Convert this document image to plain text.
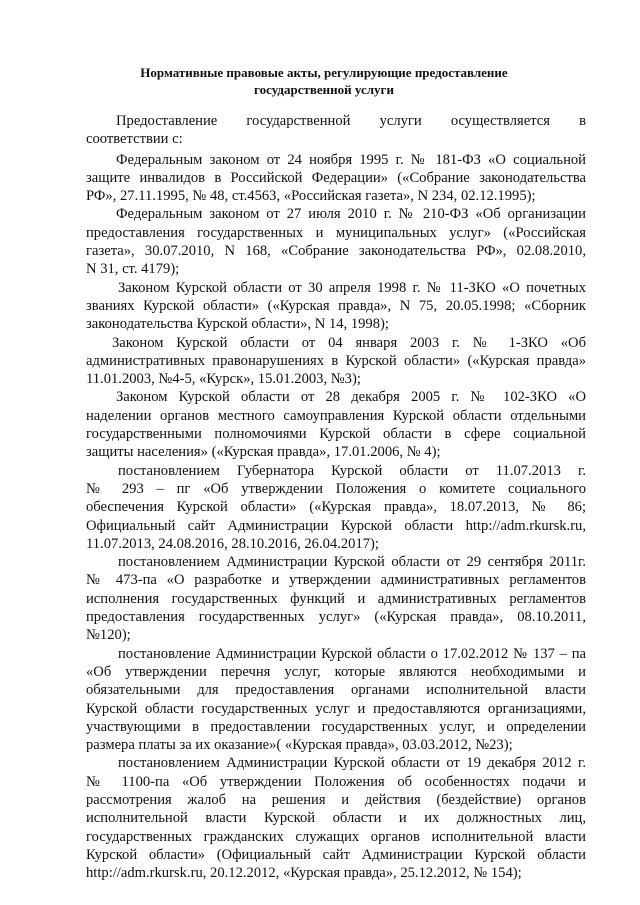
Нормативные правовые акты, регулирующие предоставление
государственной услуги
Предоставление государственной услуги осуществляется в
соответствии с:
Федеральным законом от 24 ноября 1995 г. № 181-ФЗ «О социальной
защите инвалидов в Российской Федерации» («Собрание законодательства
РФ», 27.11.1995, № 48, ст.4563, «Российская газета», N 234, 02.12.1995);
Федеральным законом от 27 июля 2010 г. № 210-ФЗ «Об организации
предоставления государственных и муниципальных услуг» («Российская
газета», 30.07.2010, N 168, «Собрание законодательства РФ», 02.08.2010,
N 31, ст. 4179);
Законом Курской области от 30 апреля 1998 г. № 11-ЗКО «О почетных
званиях Курской области» («Курская правда», N 75, 20.05.1998; «Сборник
законодательства Курской области», N 14, 1998);
Законом Курской области от 04 января 2003 г. № 1-ЗКО «Об
административных правонарушениях в Курской области» («Курская правда»
11.01.2003, №4-5, «Курск», 15.01.2003, №3);
Законом Курской области от 28 декабря 2005 г. № 102-ЗКО «О
наделении органов местного самоуправления Курской области отдельными
государственными полномочиями Курской области в сфере социальной
защиты населения» («Курская правда», 17.01.2006, № 4);
постановлением Губернатора Курской области от 11.07.2013 г.
№ 293 – пг «Об утверждении Положения о комитете социального
обеспечения Курской области» («Курская правда», 18.07.2013, № 86;
Официальный сайт Администрации Курской области http://adm.rkursk.ru,
11.07.2013, 24.08.2016, 28.10.2016, 26.04.2017);
постановлением Администрации Курской области от 29 сентября 2011г.
№ 473-па «О разработке и утверждении административных регламентов
исполнения государственных функций и административных регламентов
предоставления государственных услуг» («Курская правда», 08.10.2011,
№120);
постановление Администрации Курской области о 17.02.2012 № 137 – па
«Об утверждении перечня услуг, которые являются необходимыми и
обязательными для предоставления органами исполнительной власти
Курской области государственных услуг и предоставляются организациями,
участвующими в предоставлении государственных услуг, и определении
размера платы за их оказание»( «Курская правда», 03.03.2012, №23);
постановлением Администрации Курской области от 19 декабря 2012 г.
№ 1100-па «Об утверждении Положения об особенностях подачи и
рассмотрения жалоб на решения и действия (бездействие) органов
исполнительной власти Курской области и их должностных лиц,
государственных гражданских служащих органов исполнительной власти
Курской области» (Официальный сайт Администрации Курской области
http://adm.rkursk.ru, 20.12.2012, «Курская правда», 25.12.2012, № 154);
